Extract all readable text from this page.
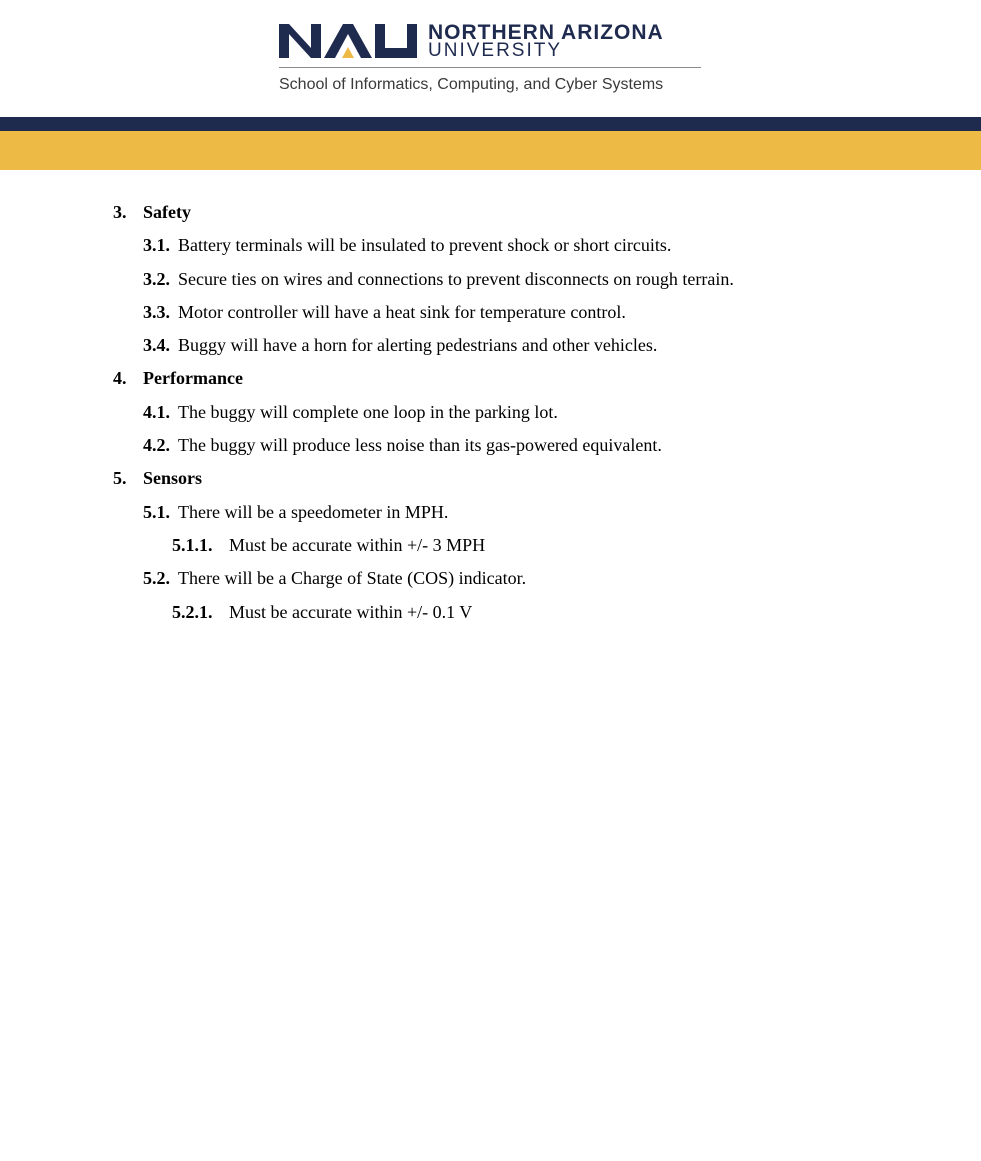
NORTHERN ARIZONA
UNIVERSITY
School of Informatics, Computing, and Cyber Systems
3. Safety
3.1. Battery terminals will be insulated to prevent shock or short circuits.
3.2. Secure ties on wires and connections to prevent disconnects on rough terrain.
3.3. Motor controller will have a heat sink for temperature control.
3.4. Buggy will have a horn for alerting pedestrians and other vehicles.
4. Performance
4.1. The buggy will complete one loop in the parking lot.
4.2. The buggy will produce less noise than its gas-powered equivalent.
5. Sensors
5.1. There will be a speedometer in MPH.
5.1.1. Must be accurate within +/- 3 MPH
5.2. There will be a Charge of State (COS) indicator.
5.2.1. Must be accurate within +/- 0.1 V
